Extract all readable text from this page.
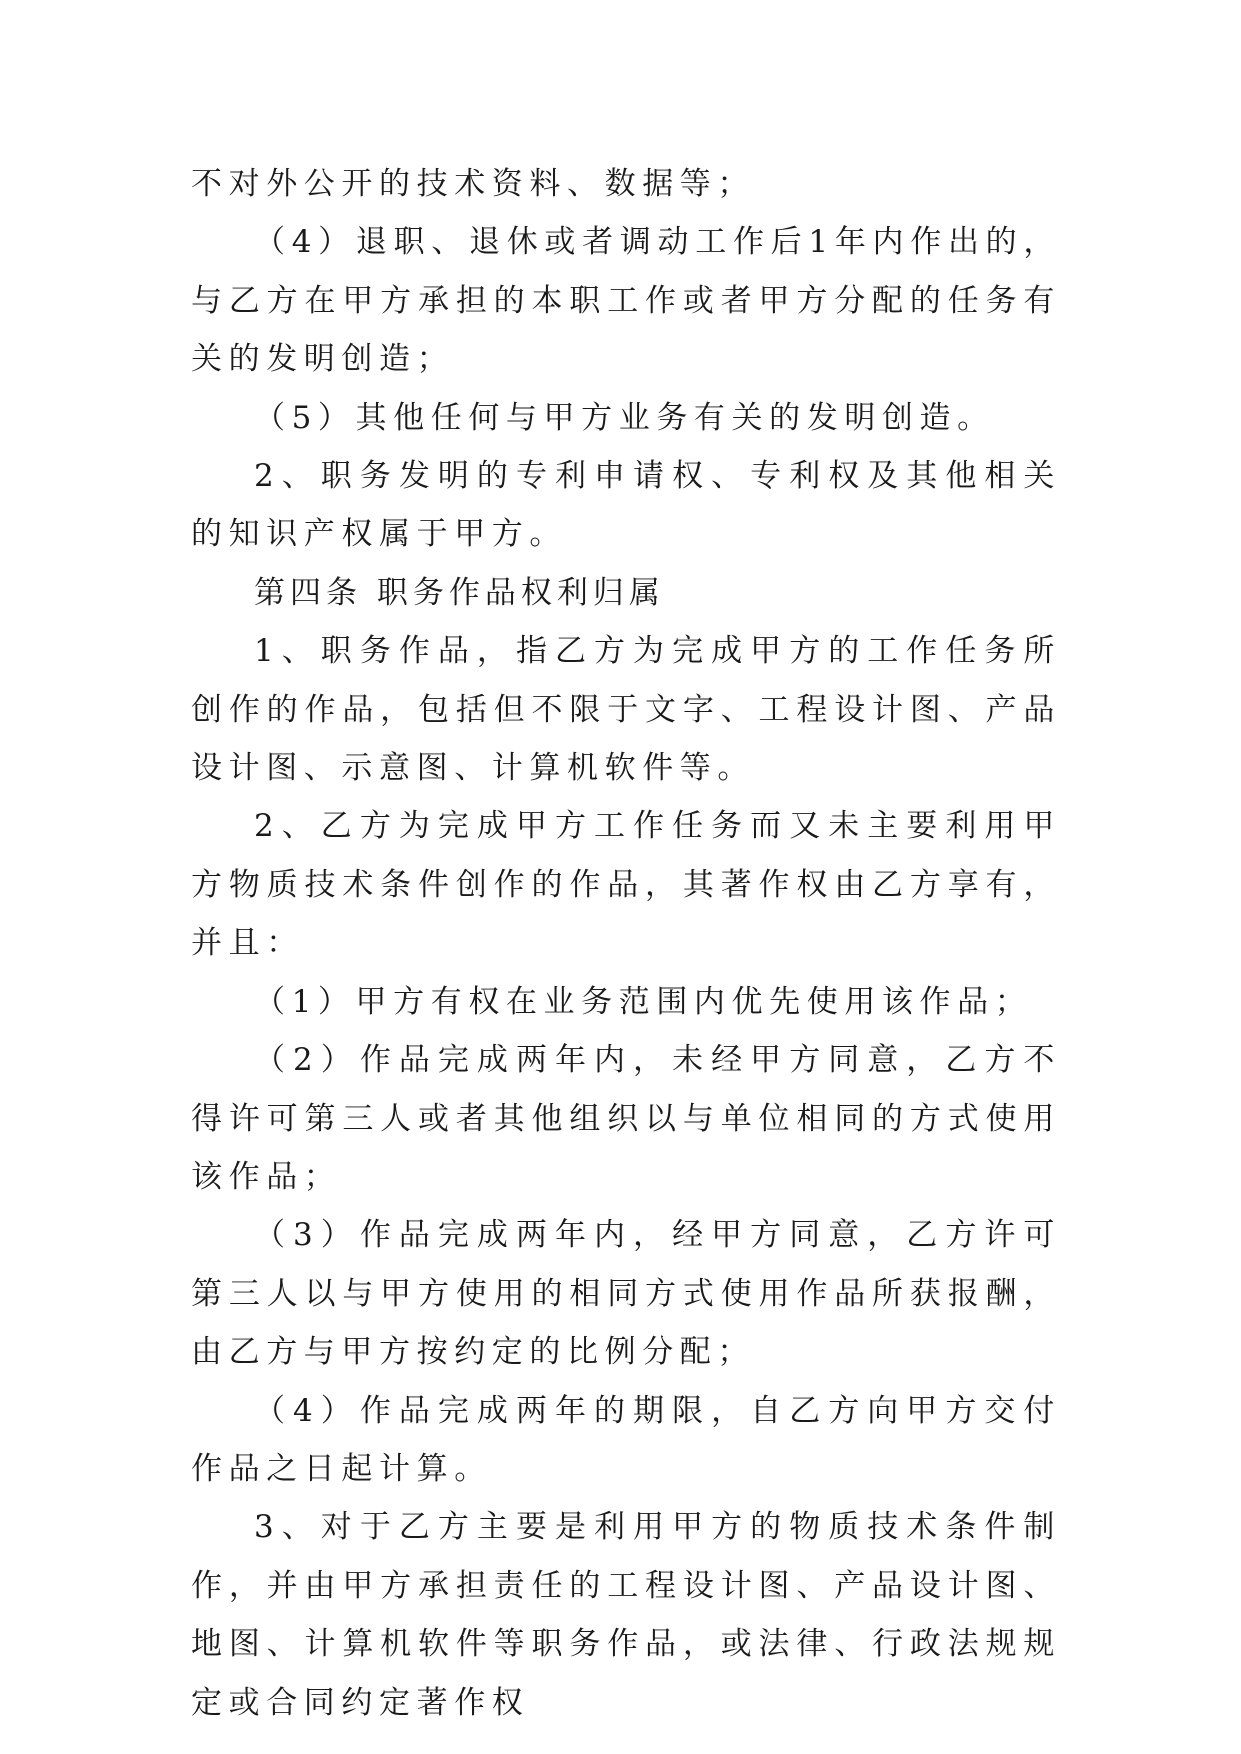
不对外公开的技术资料、数据等；

（4）退职、退休或者调动工作后1年内作出的，与乙方在甲方承担的本职工作或者甲方分配的任务有关的发明创造；

（5）其他任何与甲方业务有关的发明创造。

2、职务发明的专利申请权、专利权及其他相关的知识产权属于甲方。

第四条 职务作品权利归属

1、职务作品，指乙方为完成甲方的工作任务所创作的作品，包括但不限于文字、工程设计图、产品设计图、示意图、计算机软件等。

2、乙方为完成甲方工作任务而又未主要利用甲方物质技术条件创作的作品，其著作权由乙方享有，并且：

（1）甲方有权在业务范围内优先使用该作品；

（2）作品完成两年内，未经甲方同意，乙方不得许可第三人或者其他组织以与单位相同的方式使用该作品；

（3）作品完成两年内，经甲方同意，乙方许可第三人以与甲方使用的相同方式使用作品所获报酬，由乙方与甲方按约定的比例分配；

（4）作品完成两年的期限，自乙方向甲方交付作品之日起计算。

3、对于乙方主要是利用甲方的物质技术条件制作，并由甲方承担责任的工程设计图、产品设计图、地图、计算机软件等职务作品，或法律、行政法规规定或合同约定著作权
